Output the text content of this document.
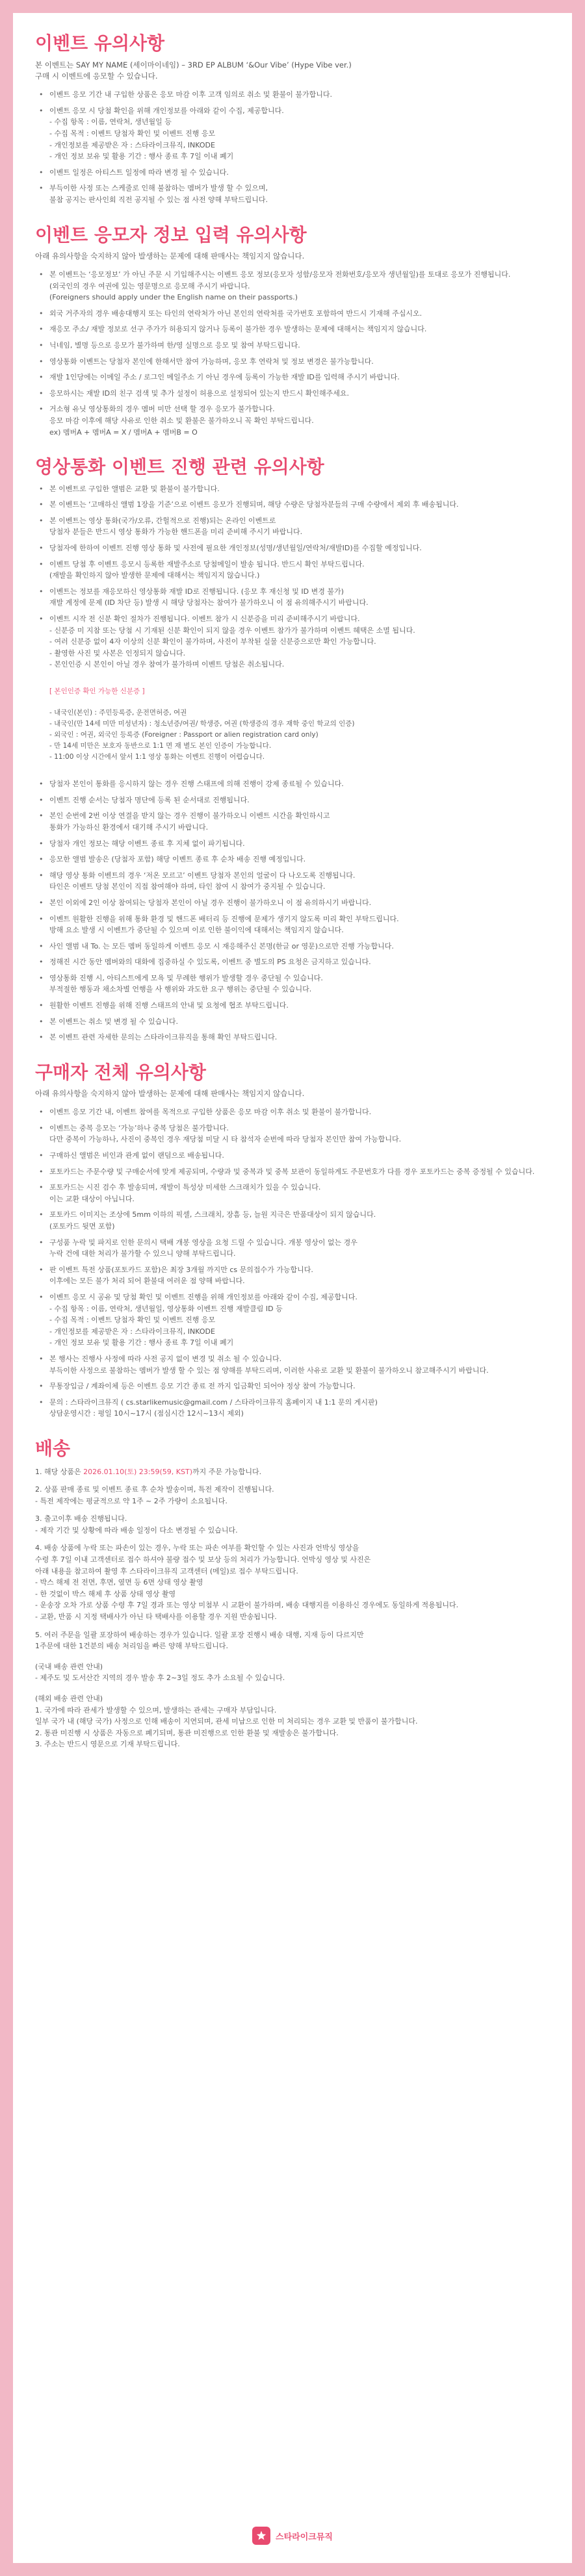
이벤트 유의사항
본 이벤트는 SAY MY NAME (세이마이네임) – 3RD EP ALBUM ‘&Our Vibe’ (Hype Vibe ver.)
구매 시 이벤트에 응모할 수 있습니다.
• 이벤트 응모 기간 내 구입한 상품은 응모 마감 이후 고객 임의로 취소 및 환불이 불가합니다.
• 이벤트 응모 시 당첨 확인을 위해 개인정보를 아래와 같이 수집, 제공합니다.
- 수집 항목 : 이름, 연락처, 생년월일 등
- 수집 목적 : 이벤트 당첨자 확인 및 이벤트 진행 응모
- 개인정보를 제공받은 자 : 스타라이크뮤직, INKODE
- 개인 정보 보유 및 활용 기간 : 행사 종료 후 7일 이내 폐기
• 이벤트 일정은 아티스트 일정에 따라 변경 될 수 있습니다.
• 부득이한 사정 또는 스케줄로 인해 불참하는 멤버가 발생 할 수 있으며,
불참 공지는 판사인회 직전 공지될 수 있는 점 사전 양해 부탁드립니다.
이벤트 응모자 정보 입력 유의사항
아래 유의사항을 숙지하지 않아 발생하는 문제에 대해 판매사는 책임지지 않습니다.
• 본 이벤트는 ‘응모정보’ 가 아닌 주문 시 기입해주시는 이벤트 응모 정보(응모자 성함/응모자 전화번호/응모자 생년월일)를 토대로 응모가 진행됩니다.
(외국인의 경우 여권에 있는 영문명으로 응모해 주시기 바랍니다.
(Foreigners should apply under the English name on their passports.)
• 외국 거주자의 경우 배송대행지 또는 타인의 연락처가 아닌 본인의 연락처를 국가번호 포함하여 반드시 기재해 주십시오.
• 재응모 주소/ 재발 정보로 선구 주가가 허용되지 않거나 등록이 불가한 경우 발생하는 문제에 대해서는 책임지지 않습니다.
• 닉네임, 별명 등으로 응모가 불가하며 한/영 실명으로 응모 및 참여 부탁드립니다.
• 영상통화 이벤트는 당첨자 본인에 한해서만 참여 가능하며, 응모 후 연락처 및 정보 변경은 불가능합니다.
• 재발 1인당에는 이메일 주소 / 로그인 메일주소 기 아닌 경우에 등록이 가능한 재발 ID를 입력해 주시기 바랍니다.
• 응모하시는 재발 ID의 친구 검색 및 추가 설정이 허용으로 설정되어 있는지 반드시 확인해주세요.
• 거소형 유닛 영상통화의 경우 멤버 미만 선택 할 경우 응모가 불가합니다.
응모 마감 이후에 해당 사유로 인한 취소 및 환불은 불가하오니 꼭 확인 부탁드립니다.
ex) 멤버A + 멤버A = X / 멤버A + 멤버B = O
영상통화 이벤트 진행 관련 유의사항
• 본 이벤트로 구입한 앨범은 교환 및 환불이 불가합니다.
• 본 이벤트는 ‘고매하신 앨범 1장을 기준’으로 이벤트 응모가 진행되며, 해당 수량은 당첨자분들의 구매 수량에서 제외 후 배송됩니다.
• 본 이벤트는 영상 통화(국가/오류, 간헐적으로 진행)되는 온라인 이벤트로
당첨자 분들은 반드시 영상 통화가 가능한 핸드폰을 미리 준비해 주시기 바랍니다.
• 당첨자에 한하여 이벤트 진행 영상 통화 및 사전에 필요한 개인정보(성명/생년월일/연락처/재발ID)를 수집할 예정입니다.
• 이벤트 당첨 후 이벤트 응모시 등록한 재발주소로 당첨메일이 발송 됩니다. 반드시 확인 부탁드립니다.
(재발을 확인하지 않아 발생한 문제에 대해서는 책임지지 않습니다.)
• 이벤트는 정보를 재응모하신 영상통화 재발 ID로 진행됩니다. (응모 후 재신청 및 ID 변경 불가)
재발 계정에 문제 (ID 차단 등) 발생 시 해당 당첨자는 참여가 불가하오니 이 점 유의해주시기 바랍니다.
• 이벤트 시작 전 신분 확인 절차가 진행됩니다. 이벤트 참가 시 신분증을 미리 준비해주시기 바랍니다.
- 신분증 미 지참 또는 당첨 시 기재된 신분 확인이 되지 않을 경우 이벤트 참가가 불가하며 이벤트 혜택은 소멸 됩니다.
- 여러 신분증 없이 4자 이상의 신분 확인이 불가하며, 사진이 부착된 실물 신분증으로만 확인 가능합니다.
- 촬영한 사진 및 사본은 인정되지 않습니다.
- 본인인증 시 본인이 아닐 경우 참여가 불가하며 이벤트 당첨은 취소됩니다.

[ 본인인증 확인 가능한 신분증 ]

- 내국인(본인) : 주민등록증, 운전면허증, 여권
- 내국인(만 14세 미만 미성년자) : 청소년증/여권/ 학생증, 여권 (학생증의 경우 재학 중인 학교의 인증)
- 외국인 : 여권, 외국인 등록증 (Foreigner : Passport or alien registration card only)
- 만 14세 미만은 보호자 동반으로 1:1 면 재 별도 본인 인증이 가능합니다.
- 11:00 이상 시간에서 앞서 1:1 영상 통화는 이벤트 진행이 어렵습니다.

• 당첨자 본인이 통화를 응시하지 않는 경우 진행 스태프에 의해 진행이 강제 종료될 수 있습니다.
• 이벤트 진행 순서는 당첨자 명단에 등록 된 순서대로 진행됩니다.
• 본인 순번에 2번 이상 연결을 받지 않는 경우 진행이 불가하오니 이벤트 시간을 확인하시고
통화가 가능하신 환경에서 대기해 주시기 바랍니다.
• 당첨자 개인 정보는 해당 이벤트 종료 후 지체 없이 파기됩니다.
• 응모한 앨범 발송은 (당첨자 포함) 해당 이벤트 종료 후 순차 배송 진행 예정입니다.
• 해당 영상 통화 이벤트의 경우 ‘저온 모르고’ 이벤트 당첨자 본인의 얼굴이 다 나오도록 진행됩니다.
타인은 이벤트 당첨 본인이 직접 참여해야 하며, 타인 참여 시 참여가 중지될 수 있습니다.
• 본인 이외에 2인 이상 참여되는 당첨자 본인이 아닐 경우 진행이 불가하오니 이 점 유의하시기 바랍니다.
• 이벤트 원활한 진행을 위해 통화 환경 및 핸드폰 배터리 등 진행에 문제가 생기지 않도록 미리 확인 부탁드립니다.
방해 요소 발생 시 이벤트가 중단될 수 있으며 이로 인한 불이익에 대해서는 책임지지 않습니다.
• 사인 앨범 내 To. 는 모든 멤버 동일하게 이벤트 응모 시 재응해주신 본명(한글 or 영문)으로만 진행 가능합니다.
• 정해진 시간 동안 멤버와의 대화에 집중하실 수 있도록, 이벤트 중 별도의 PS 요청은 금지하고 있습니다.
• 영상통화 진행 시, 아티스트에게 모욕 및 무례한 행위가 발생할 경우 중단될 수 있습니다.
부적절한 행동과 채소차별 언행을 사 행위와 과도한 요구 행위는 중단될 수 있습니다.
• 원활한 이벤트 진행을 위해 진행 스태프의 안내 및 요청에 협조 부탁드립니다.
• 본 이벤트는 취소 및 변경 될 수 있습니다.
• 본 이벤트 관련 자세한 문의는 스타라이크뮤직을 통해 확인 부탁드립니다.
구매자 전체 유의사항
아래 유의사항을 숙지하지 않아 발생하는 문제에 대해 판매사는 책임지지 않습니다.
• 이벤트 응모 기간 내, 이벤트 참여를 목적으로 구입한 상품은 응모 마감 이후 취소 및 환불이 불가합니다.
• 이벤트는 중복 응모는 ‘가능’하나 중복 당첨은 불가합니다.
다만 중복이 가능하나, 사진이 중복인 경우 재당첨 미달 시 타 참석자 순번에 따라 당첨자 본인만 참여 가능합니다.
• 구매하신 앨범은 비인과 관계 없이 랜덤으로 배송됩니다.
• 포토카드는 주문수량 및 구매순서에 맞게 제공되며, 수량과 및 중복과 및 중복 보관이 동일하게도 주문번호가 다를 경우 포토카드는 중복 증정될 수 있습니다.
• 포토카드는 시진 검수 후 발송되며, 재발이 특성상 미세한 스크래치가 있을 수 있습니다.
이는 교환 대상이 아닙니다.
• 포토카드 이미지는 조상에 5mm 이하의 픽셀, 스크래치, 장흠 등, 늘원 지극은 반품대상이 되지 않습니다.
(포토카드 뒷면 포함)
• 구성품 누락 및 파지로 인한 문의시 택배 개봉 영상을 요청 드릴 수 있습니다. 개봉 영상이 없는 경우
누락 건에 대한 처리가 불가할 수 있으니 양해 부탁드립니다.
• 판 이벤트 특전 상품(포토카드 포함)은 최장 3개월 까지만 cs 문의접수가 가능합니다.
이후에는 모든 불가 처리 되어 환불대 여러운 점 양해 바랍니다.
• 이벤트 응모 시 공유 및 당첨 확인 및 이벤트 진행을 위해 개인정보를 아래와 같이 수집, 제공합니다.
- 수집 항목 : 이름, 연락처, 생년월일, 영상통화 이벤트 진행 재발클림 ID 등
- 수집 목적 : 이벤트 당첨자 확인 및 이벤트 진행 응모
- 개인정보를 제공받은 자 : 스타라이크뮤직, INKODE
- 개인 정보 보유 및 활용 기간 : 행사 종료 후 7일 이내 폐기
• 본 행사는 진행사 사정에 따라 사전 공지 없이 변경 및 취소 될 수 있습니다.
부득이한 사정으로 불참하는 멤버가 발생 할 수 있는 점 양해를 부탁드리며, 이러한 사유로 교환 및 환불이 불가하오니 참고해주시기 바랍니다.
• 무통장입금 / 계좌이체 등은 이벤트 응모 기간 종료 전 까지 입금확인 되어야 정상 참여 가능합니다.
• 문의 : 스타라이크뮤직 ( cs.starlikemusic@gmail.com / 스타라이크뮤직 홈페이지 내 1:1 문의 게시판)
상담운영시간 : 평일 10시~17시 (점심시간 12시~13시 제외)
배송
1. 해당 상품은 2026.01.10(토) 23:59(59, KST)까지 주문 가능합니다.
2. 상품 판매 종료 및 이벤트 종료 후 순차 발송이며, 특전 제작이 진행됩니다.
- 특전 제작에는 평균적으로 약 1주 ~ 2주 가량이 소요됩니다.
3. 출고이후 배송 진행됩니다.
- 제작 기간 및 상황에 따라 배송 일정이 다소 변경될 수 있습니다.
4. 배송 상품에 누락 또는 파손이 있는 경우, 누락 또는 파손 여부를 확인할 수 있는 사진과 언박싱 영상을
수령 후 7일 이내 고객센터로 접수 하셔야 불량 접수 및 보상 등의 처리가 가능합니다. 언박싱 영상 및 사진은
아래 내용을 참고하여 촬영 후 스타라이크뮤직 고객센터 (메일)로 접수 부탁드립니다.
- 박스 해제 전 전면, 후면, 옆면 등 6면 상태 영상 촬영
- 한 것없이 박스 해제 후 상품 상태 영상 촬영
- 운송장 오차 가로 상품 수령 후 7일 경과 또는 영상 미첨부 시 교환이 불가하며, 배송 대행지를 이용하신 경우에도 동일하게 적용됩니다.
- 교환, 반품 시 지정 택배사가 아닌 타 택배사를 이용할 경우 지원 반송됩니다.
5. 여러 주문을 일괄 포장하여 배송하는 경우가 있습니다. 일괄 포장 진행시 배송 대행, 지재 등이 다르지만
1주문에 대한 1건분의 배송 처리임을 빠른 양해 부탁드립니다.
(국내 배송 관련 안내)
- 제주도 및 도서산간 지역의 경우 발송 후 2~3일 정도 추가 소요될 수 있습니다.
(해외 배송 관련 안내)
1. 국가에 따라 관세가 발생할 수 있으며, 발생하는 관세는 구매자 부담입니다.
일부 국가 내 (해당 국가) 사정으로 인해 배송이 지연되며, 관세 미납으로 인한 미 처리되는 경우 교환 및 반품이 불가합니다.
2. 통관 미진행 시 상품은 자동으로 폐기되며, 통관 미진행으로 인한 환불 및 재발송은 불가합니다.
3. 주소는 반드시 영문으로 기재 부탁드립니다.
스타라이크뮤직
